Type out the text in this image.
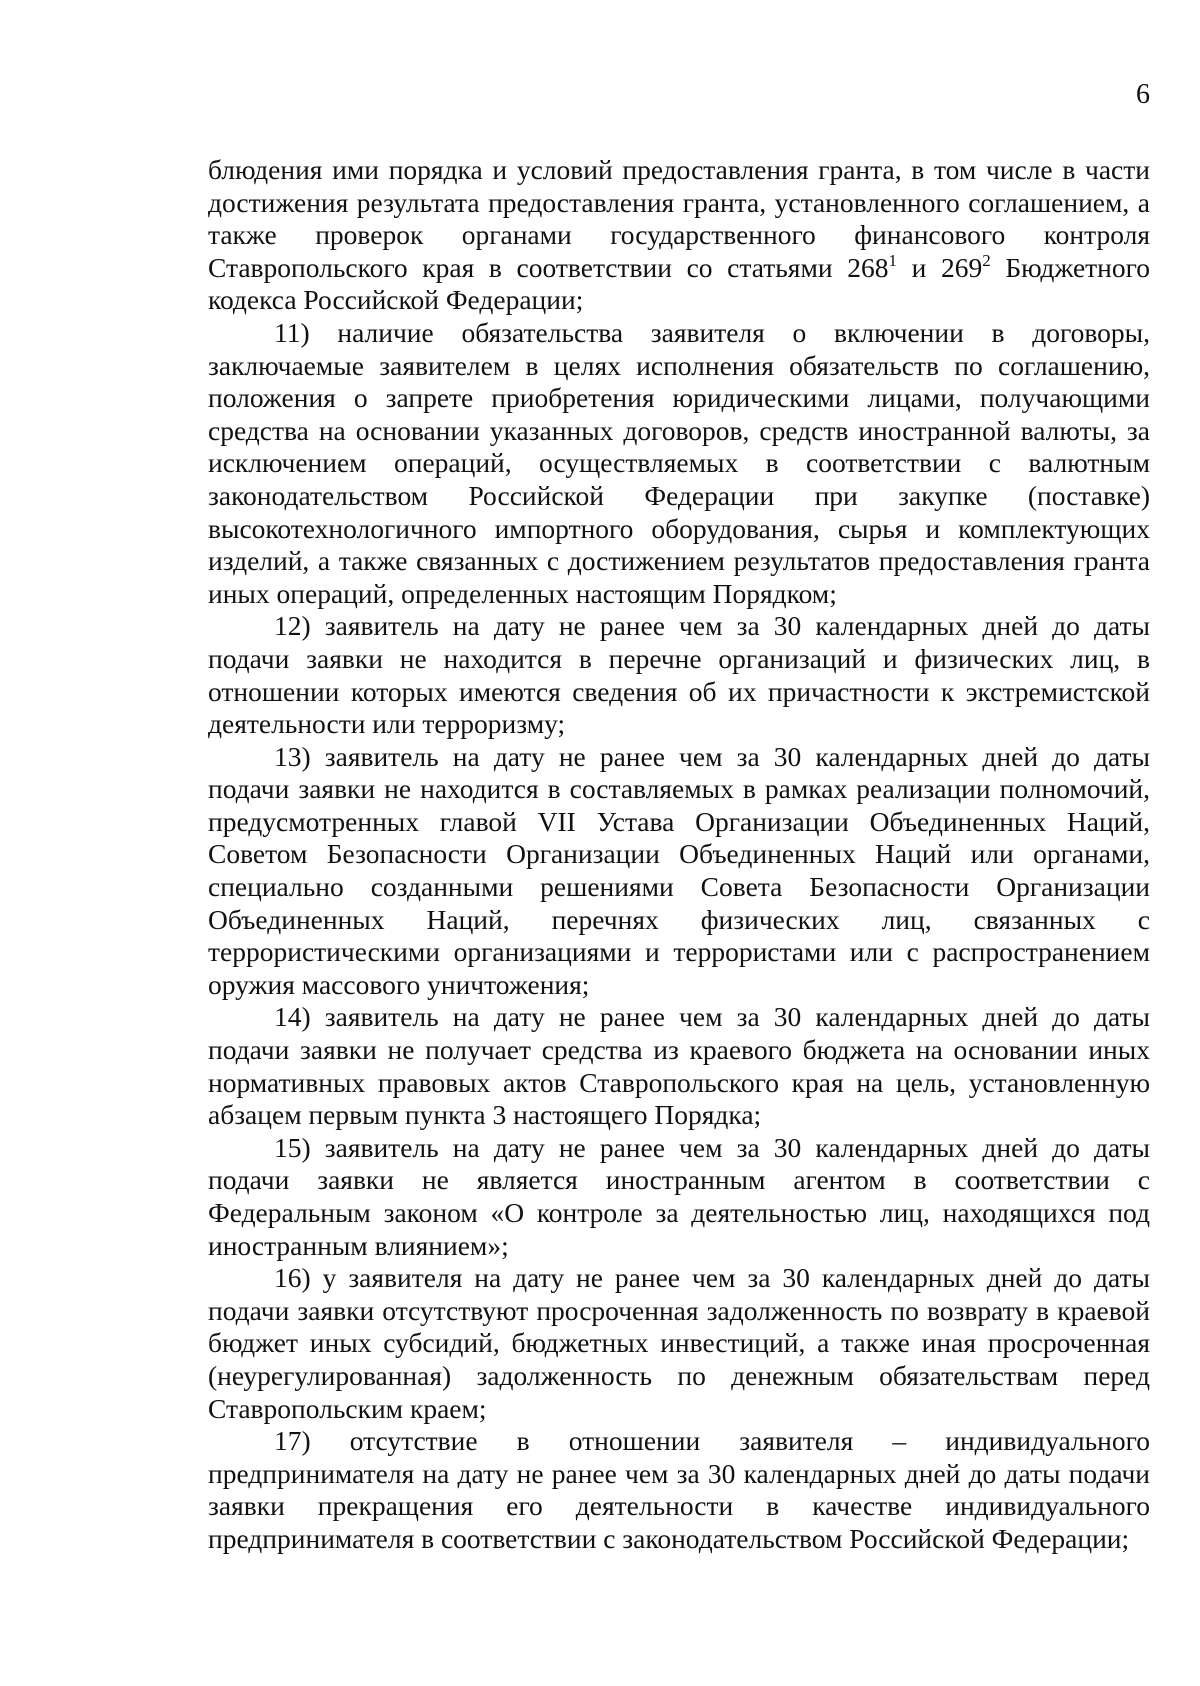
6

блюдения ими порядка и условий предоставления гранта, в том числе в части достижения результата предоставления гранта, установленного соглашением, а также проверок органами государственного финансового контроля Ставропольского края в соответствии со статьями $268^1$ и $269^2$ Бюджетного кодекса Российской Федерации;

11) наличие обязательства заявителя о включении в договоры, заключаемые заявителем в целях исполнения обязательств по соглашению, положения о запрете приобретения юридическими лицами, получающими средства на основании указанных договоров, средств иностранной валюты, за исключением операций, осуществляемых в соответствии с валютным законодательством Российской Федерации при закупке (поставке) высокотехнологичного импортного оборудования, сырья и комплектующих изделий, а также связанных с достижением результатов предоставления гранта иных операций, определенных настоящим Порядком;

12) заявитель на дату не ранее чем за 30 календарных дней до даты подачи заявки не находится в перечне организаций и физических лиц, в отношении которых имеются сведения об их причастности к экстремистской деятельности или терроризму;

13) заявитель на дату не ранее чем за 30 календарных дней до даты подачи заявки не находится в составляемых в рамках реализации полномочий, предусмотренных главой VII Устава Организации Объединенных Наций, Советом Безопасности Организации Объединенных Наций или органами, специально созданными решениями Совета Безопасности Организации Объединенных Наций, перечнях физических лиц, связанных с террористическими организациями и террористами или с распространением оружия массового уничтожения;

14) заявитель на дату не ранее чем за 30 календарных дней до даты подачи заявки не получает средства из краевого бюджета на основании иных нормативных правовых актов Ставропольского края на цель, установленную абзацем первым пункта 3 настоящего Порядка;

15) заявитель на дату не ранее чем за 30 календарных дней до даты подачи заявки не является иностранным агентом в соответствии с Федеральным законом «О контроле за деятельностью лиц, находящихся под иностранным влиянием»;

16) у заявителя на дату не ранее чем за 30 календарных дней до даты подачи заявки отсутствуют просроченная задолженность по возврату в краевой бюджет иных субсидий, бюджетных инвестиций, а также иная просроченная (неурегулированная) задолженность по денежным обязательствам перед Ставропольским краем;

17) отсутствие в отношении заявителя – индивидуального предпринимателя на дату не ранее чем за 30 календарных дней до даты подачи заявки прекращения его деятельности в качестве индивидуального предпринимателя в соответствии с законодательством Российской Федерации;
